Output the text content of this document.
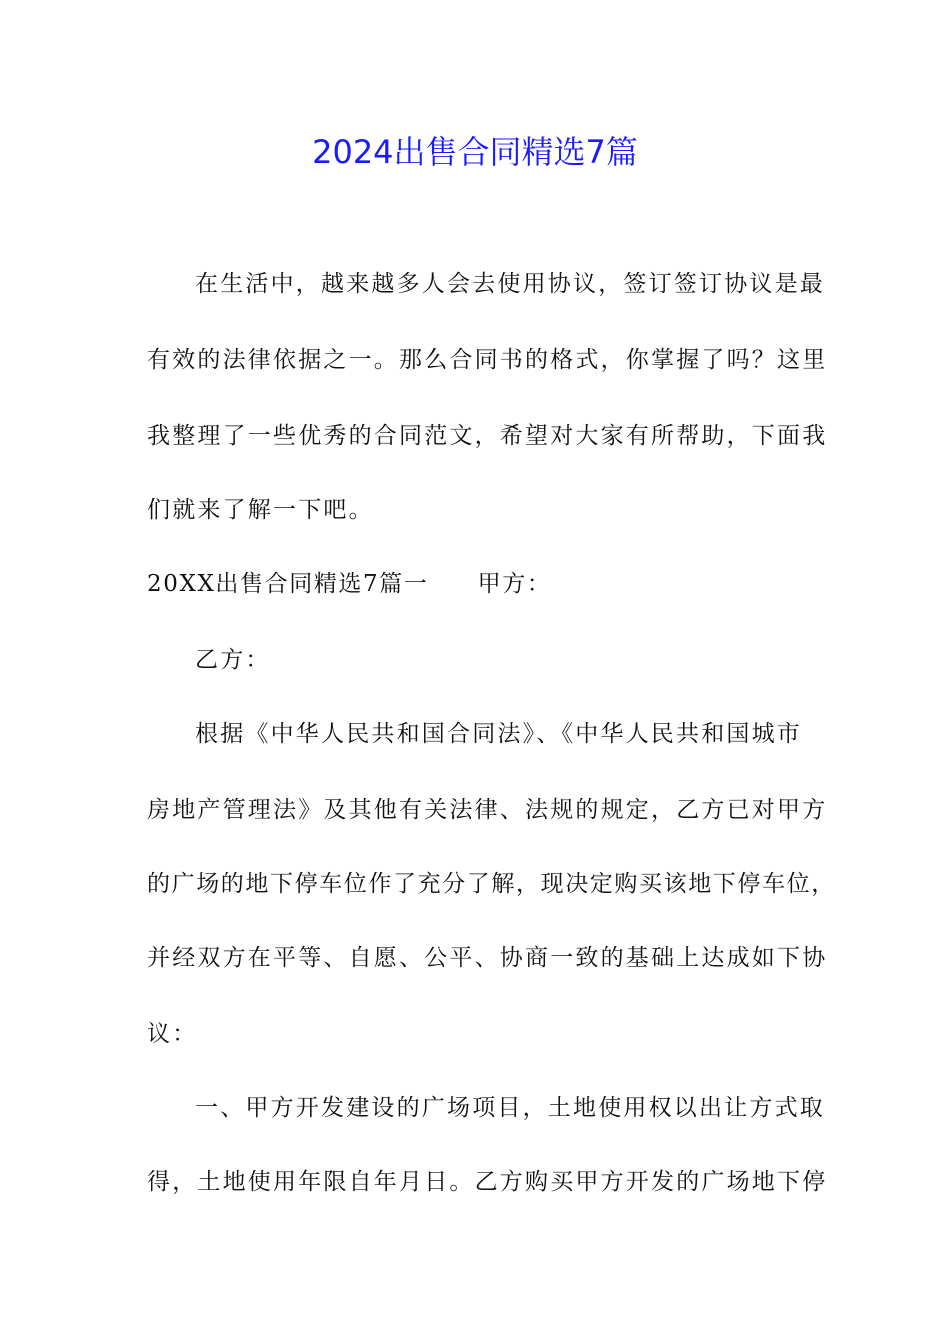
2024出售合同精选7篇
在生活中，越来越多人会去使用协议，签订签订协议是最
有效的法律依据之一。那么合同书的格式，你掌握了吗？这里
我整理了一些优秀的合同范文，希望对大家有所帮助，下面我
们就来了解一下吧。
20XX出售合同精选7篇一　　甲方：
乙方：
根据《中华人民共和国合同法》、《中华人民共和国城市
房地产管理法》及其他有关法律、法规的规定，乙方已对甲方
的广场的地下停车位作了充分了解，现决定购买该地下停车位，
并经双方在平等、自愿、公平、协商一致的基础上达成如下协
议：
一、甲方开发建设的广场项目，土地使用权以出让方式取
得，土地使用年限自年月日。乙方购买甲方开发的广场地下停
